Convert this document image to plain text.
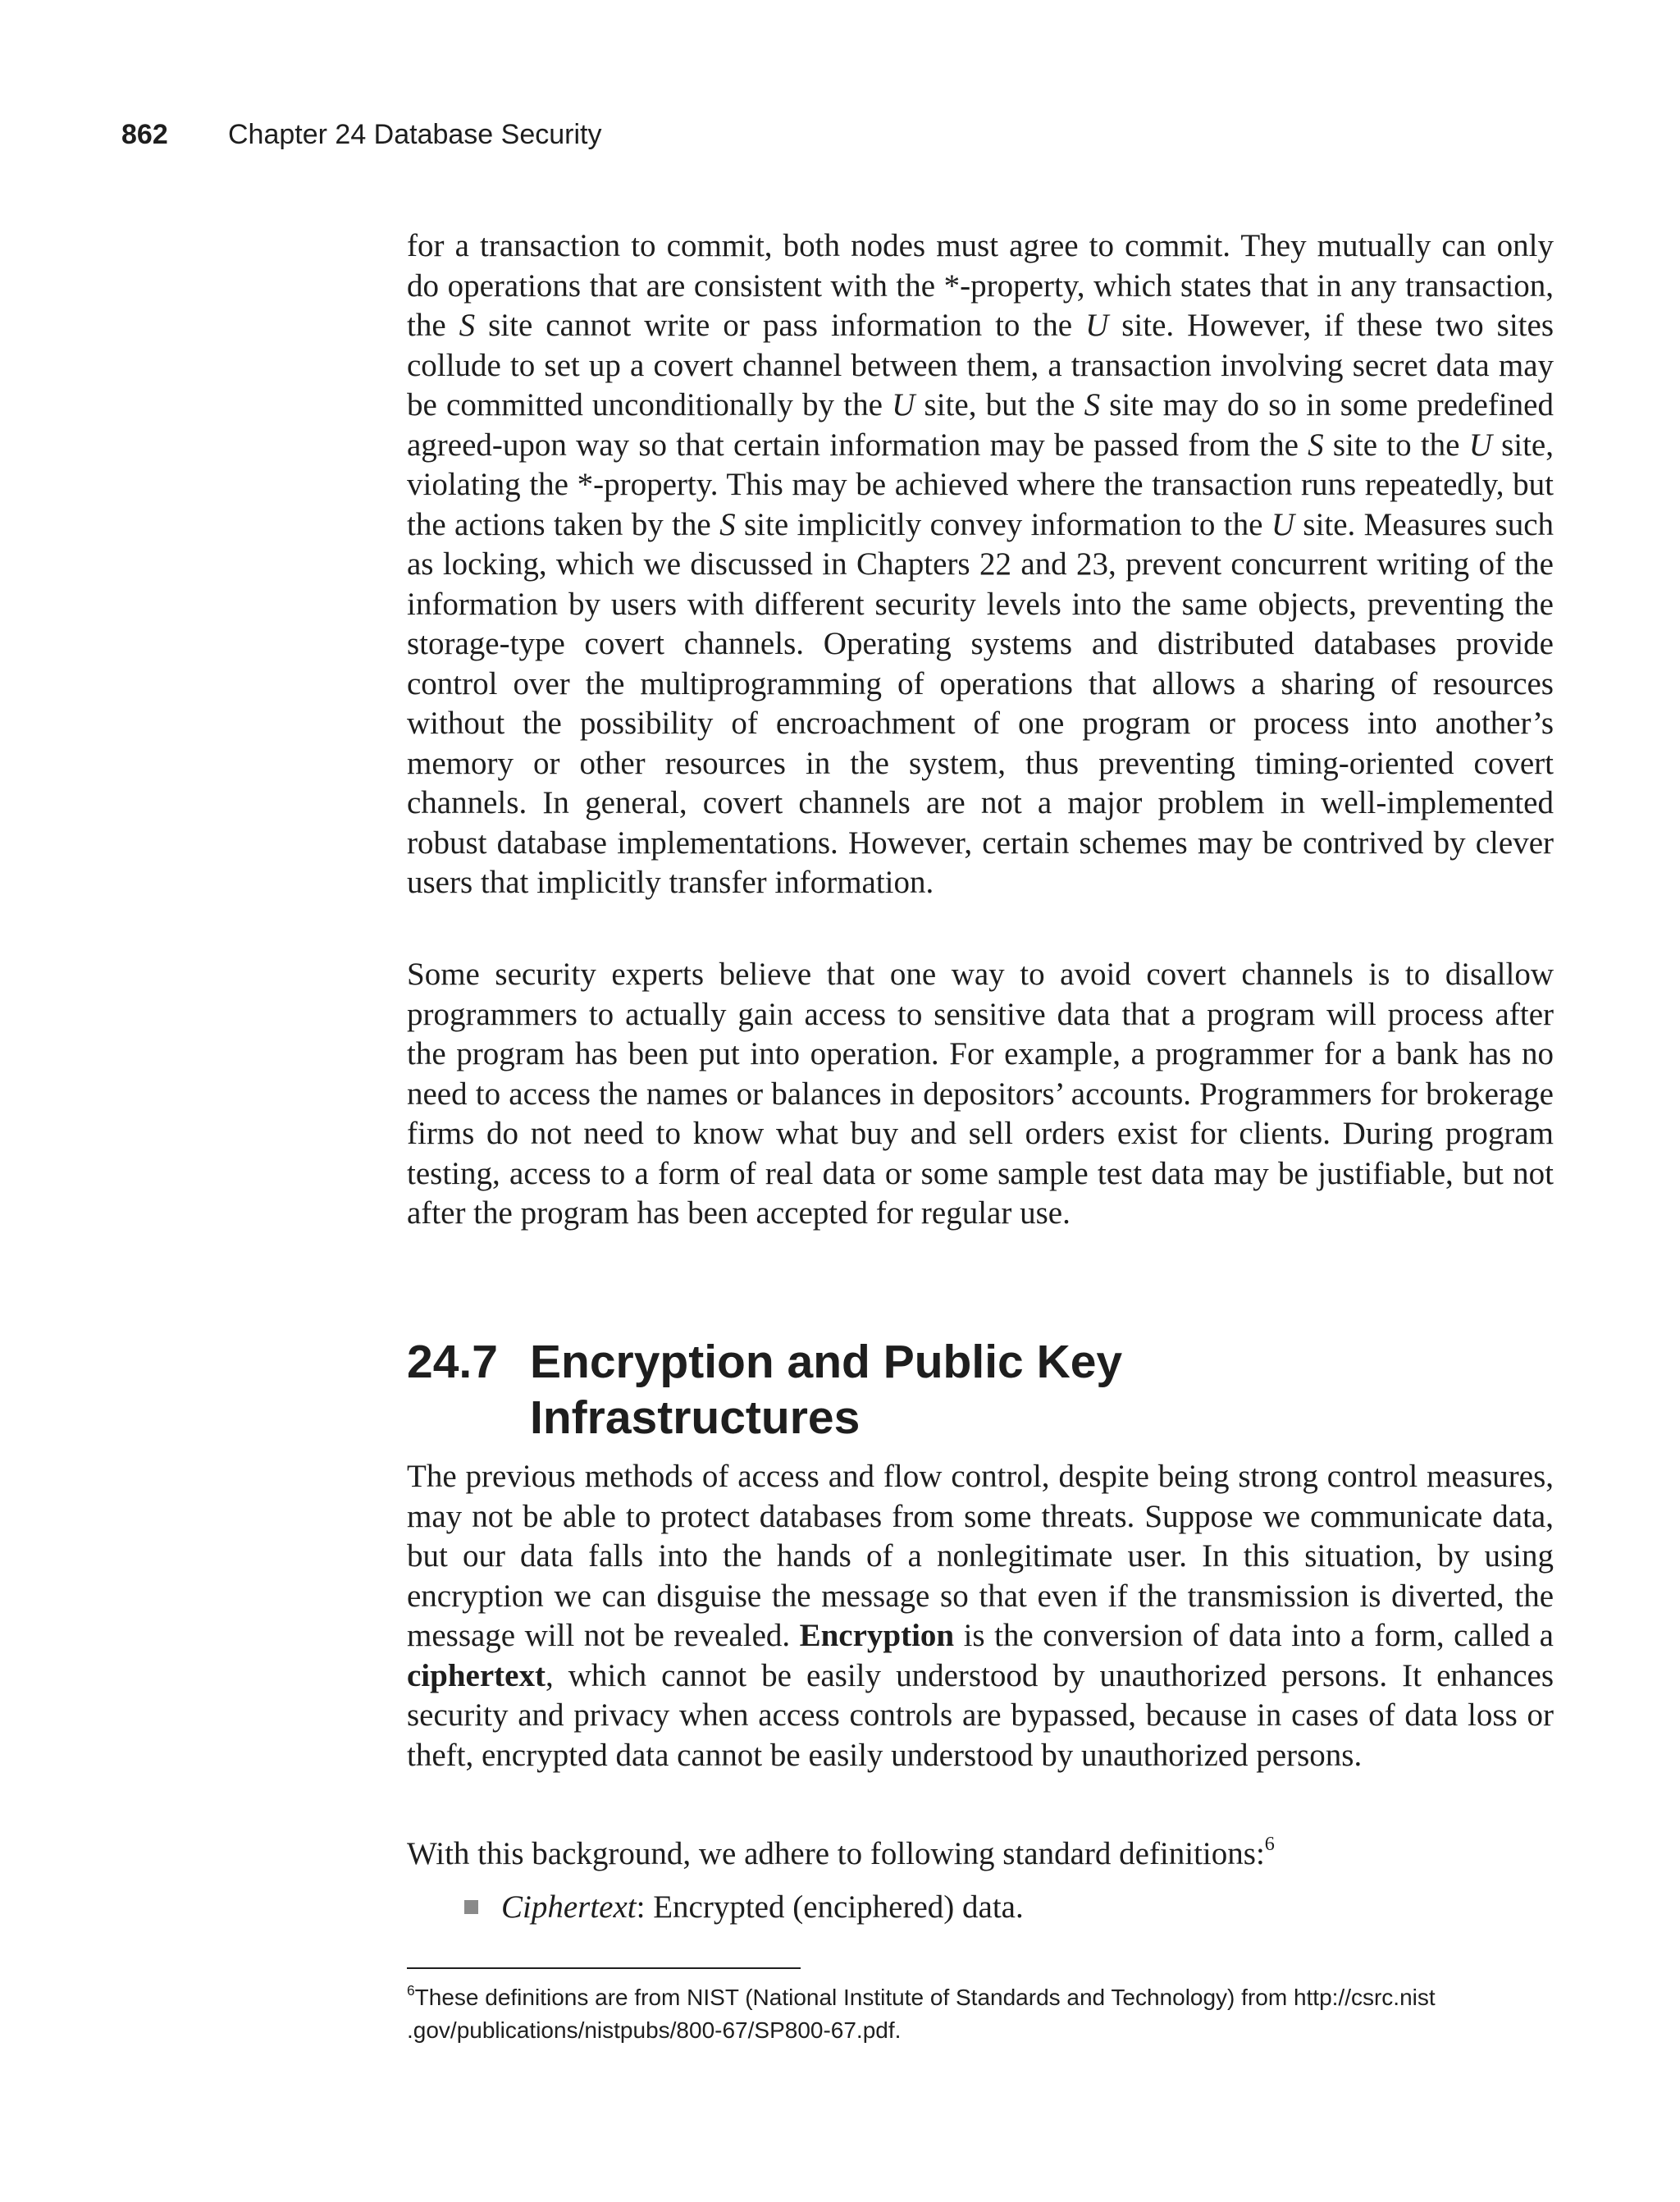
862 Chapter 24 Database Security

for a transaction to commit, both nodes must agree to commit. They mutually can only do operations that are consistent with the *-property, which states that in any transaction, the S site cannot write or pass information to the U site. However, if these two sites collude to set up a covert channel between them, a transaction involving secret data may be committed unconditionally by the U site, but the S site may do so in some predefined agreed-upon way so that certain information may be passed from the S site to the U site, violating the *-property. This may be achieved where the transaction runs repeatedly, but the actions taken by the S site implicitly convey information to the U site. Measures such as locking, which we discussed in Chapters 22 and 23, prevent concurrent writing of the information by users with different security levels into the same objects, preventing the storage-type covert channels. Operating systems and distributed databases provide control over the multiprogramming of operations that allows a sharing of resources without the possibility of encroachment of one program or process into another’s memory or other resources in the system, thus preventing timing-oriented covert channels. In general, covert channels are not a major problem in well-implemented robust database implementations. However, certain schemes may be contrived by clever users that implicitly transfer information.

Some security experts believe that one way to avoid covert channels is to disallow programmers to actually gain access to sensitive data that a program will process after the program has been put into operation. For example, a programmer for a bank has no need to access the names or balances in depositors’ accounts. Programmers for brokerage firms do not need to know what buy and sell orders exist for clients. During program testing, access to a form of real data or some sample test data may be justifiable, but not after the program has been accepted for regular use.

24.7 Encryption and Public Key Infrastructures

The previous methods of access and flow control, despite being strong control measures, may not be able to protect databases from some threats. Suppose we communicate data, but our data falls into the hands of a nonlegitimate user. In this situation, by using encryption we can disguise the message so that even if the transmission is diverted, the message will not be revealed. Encryption is the conversion of data into a form, called a ciphertext, which cannot be easily understood by unauthorized persons. It enhances security and privacy when access controls are bypassed, because in cases of data loss or theft, encrypted data cannot be easily understood by unauthorized persons.

With this background, we adhere to following standard definitions:$^6$

Ciphertext: Encrypted (enciphered) data.
$^6$These definitions are from NIST (National Institute of Standards and Technology) from http://csrc.nist .gov/publications/nistpubs/800-67/SP800-67.pdf.
